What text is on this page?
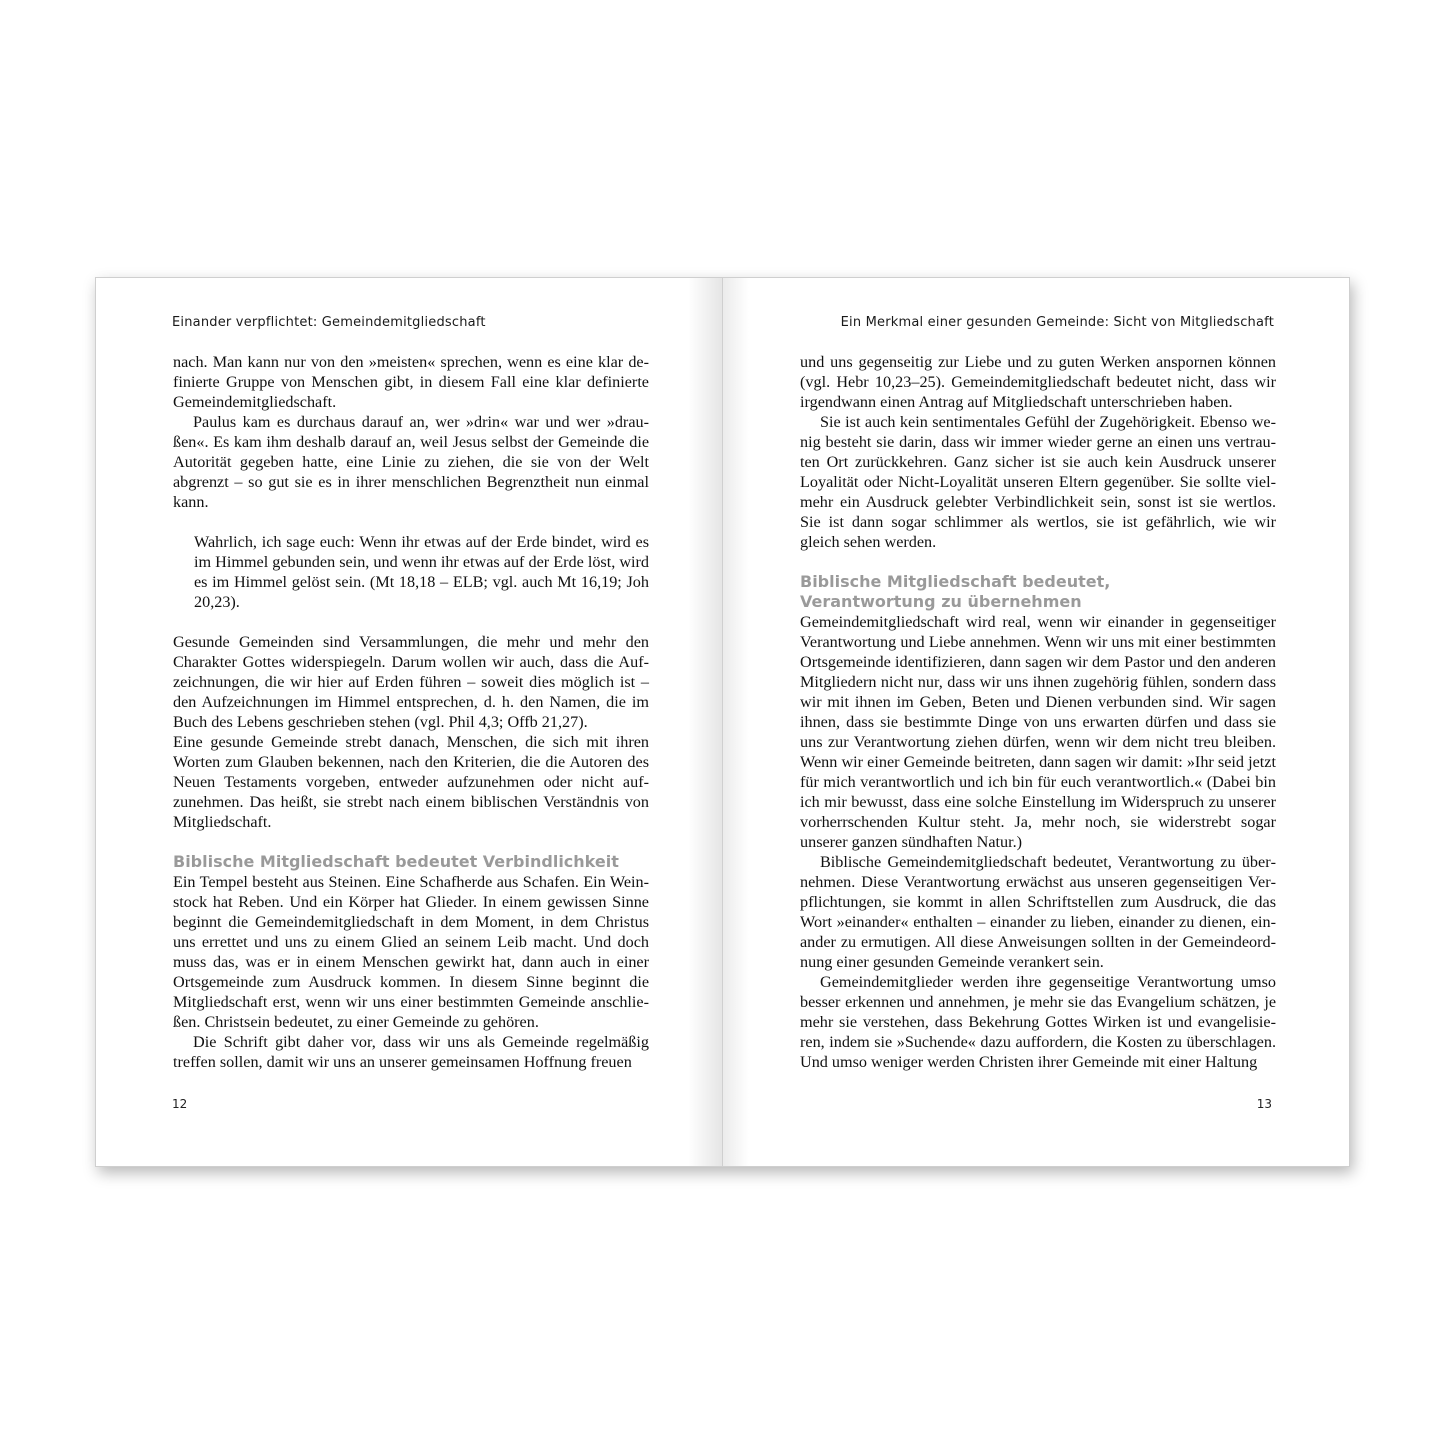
Einander verpflichtet: Gemeindemitgliedschaft

nach. Man kann nur von den »meisten« sprechen, wenn es eine klar definierte Gruppe von Menschen gibt, in diesem Fall eine klar definierte Gemeindemitgliedschaft.

Paulus kam es durchaus darauf an, wer »drin« war und wer »draußen«. Es kam ihm deshalb darauf an, weil Jesus selbst der Gemeinde die Autorität gegeben hatte, eine Linie zu ziehen, die sie von der Welt abgrenzt – so gut sie es in ihrer menschlichen Begrenztheit nun einmal kann.

Wahrlich, ich sage euch: Wenn ihr etwas auf der Erde bindet, wird es im Himmel gebunden sein, und wenn ihr etwas auf der Erde löst, wird es im Himmel gelöst sein. (Mt 18,18 – ELB; vgl. auch Mt 16,19; Joh 20,23).

Gesunde Gemeinden sind Versammlungen, die mehr und mehr den Charakter Gottes widerspiegeln. Darum wollen wir auch, dass die Aufzeichnungen, die wir hier auf Erden führen – soweit dies möglich ist – den Aufzeichnungen im Himmel entsprechen, d. h. den Namen, die im Buch des Lebens geschrieben stehen (vgl. Phil 4,3; Offb 21,27).

Eine gesunde Gemeinde strebt danach, Menschen, die sich mit ihren Worten zum Glauben bekennen, nach den Kriterien, die die Autoren des Neuen Testaments vorgeben, entweder aufzunehmen oder nicht aufzunehmen. Das heißt, sie strebt nach einem biblischen Verständnis von Mitgliedschaft.

Biblische Mitgliedschaft bedeutet Verbindlichkeit

Ein Tempel besteht aus Steinen. Eine Schafherde aus Schafen. Ein Weinstock hat Reben. Und ein Körper hat Glieder. In einem gewissen Sinne beginnt die Gemeindemitgliedschaft in dem Moment, in dem Christus uns errettet und uns zu einem Glied an seinem Leib macht. Und doch muss das, was er in einem Menschen gewirkt hat, dann auch in einer Ortsgemeinde zum Ausdruck kommen. In diesem Sinne beginnt die Mitgliedschaft erst, wenn wir uns einer bestimmten Gemeinde anschließen. Christsein bedeutet, zu einer Gemeinde zu gehören.

Die Schrift gibt daher vor, dass wir uns als Gemeinde regelmäßig treffen sollen, damit wir uns an unserer gemeinsamen Hoffnung freuen

12
Ein Merkmal einer gesunden Gemeinde: Sicht von Mitgliedschaft

und uns gegenseitig zur Liebe und zu guten Werken anspornen können (vgl. Hebr 10,23–25). Gemeindemitgliedschaft bedeutet nicht, dass wir irgendwann einen Antrag auf Mitgliedschaft unterschrieben haben.

Sie ist auch kein sentimentales Gefühl der Zugehörigkeit. Ebenso wenig besteht sie darin, dass wir immer wieder gerne an einen uns vertrauten Ort zurückkehren. Ganz sicher ist sie auch kein Ausdruck unserer Loyalität oder Nicht-Loyalität unseren Eltern gegenüber. Sie sollte vielmehr ein Ausdruck gelebter Verbindlichkeit sein, sonst ist sie wertlos. Sie ist dann sogar schlimmer als wertlos, sie ist gefährlich, wie wir gleich sehen werden.

Biblische Mitgliedschaft bedeutet,
Verantwortung zu übernehmen

Gemeindemitgliedschaft wird real, wenn wir einander in gegenseitiger Verantwortung und Liebe annehmen. Wenn wir uns mit einer bestimmten Ortsgemeinde identifizieren, dann sagen wir dem Pastor und den anderen Mitgliedern nicht nur, dass wir uns ihnen zugehörig fühlen, sondern dass wir mit ihnen im Geben, Beten und Dienen verbunden sind. Wir sagen ihnen, dass sie bestimmte Dinge von uns erwarten dürfen und dass sie uns zur Verantwortung ziehen dürfen, wenn wir dem nicht treu bleiben. Wenn wir einer Gemeinde beitreten, dann sagen wir damit: »Ihr seid jetzt für mich verantwortlich und ich bin für euch verantwortlich.« (Dabei bin ich mir bewusst, dass eine solche Einstellung im Widerspruch zu unserer vorherrschenden Kultur steht. Ja, mehr noch, sie widerstrebt sogar unserer ganzen sündhaften Natur.)

Biblische Gemeindemitgliedschaft bedeutet, Verantwortung zu übernehmen. Diese Verantwortung erwächst aus unseren gegenseitigen Verpflichtungen, sie kommt in allen Schriftstellen zum Ausdruck, die das Wort »einander« enthalten – einander zu lieben, einander zu dienen, einander zu ermutigen. All diese Anweisungen sollten in der Gemeindeordnung einer gesunden Gemeinde verankert sein.

Gemeindemitglieder werden ihre gegenseitige Verantwortung umso besser erkennen und annehmen, je mehr sie das Evangelium schätzen, je mehr sie verstehen, dass Bekehrung Gottes Wirken ist und evangelisieren, indem sie »Suchende« dazu auffordern, die Kosten zu überschlagen. Und umso weniger werden Christen ihrer Gemeinde mit einer Haltung

13
